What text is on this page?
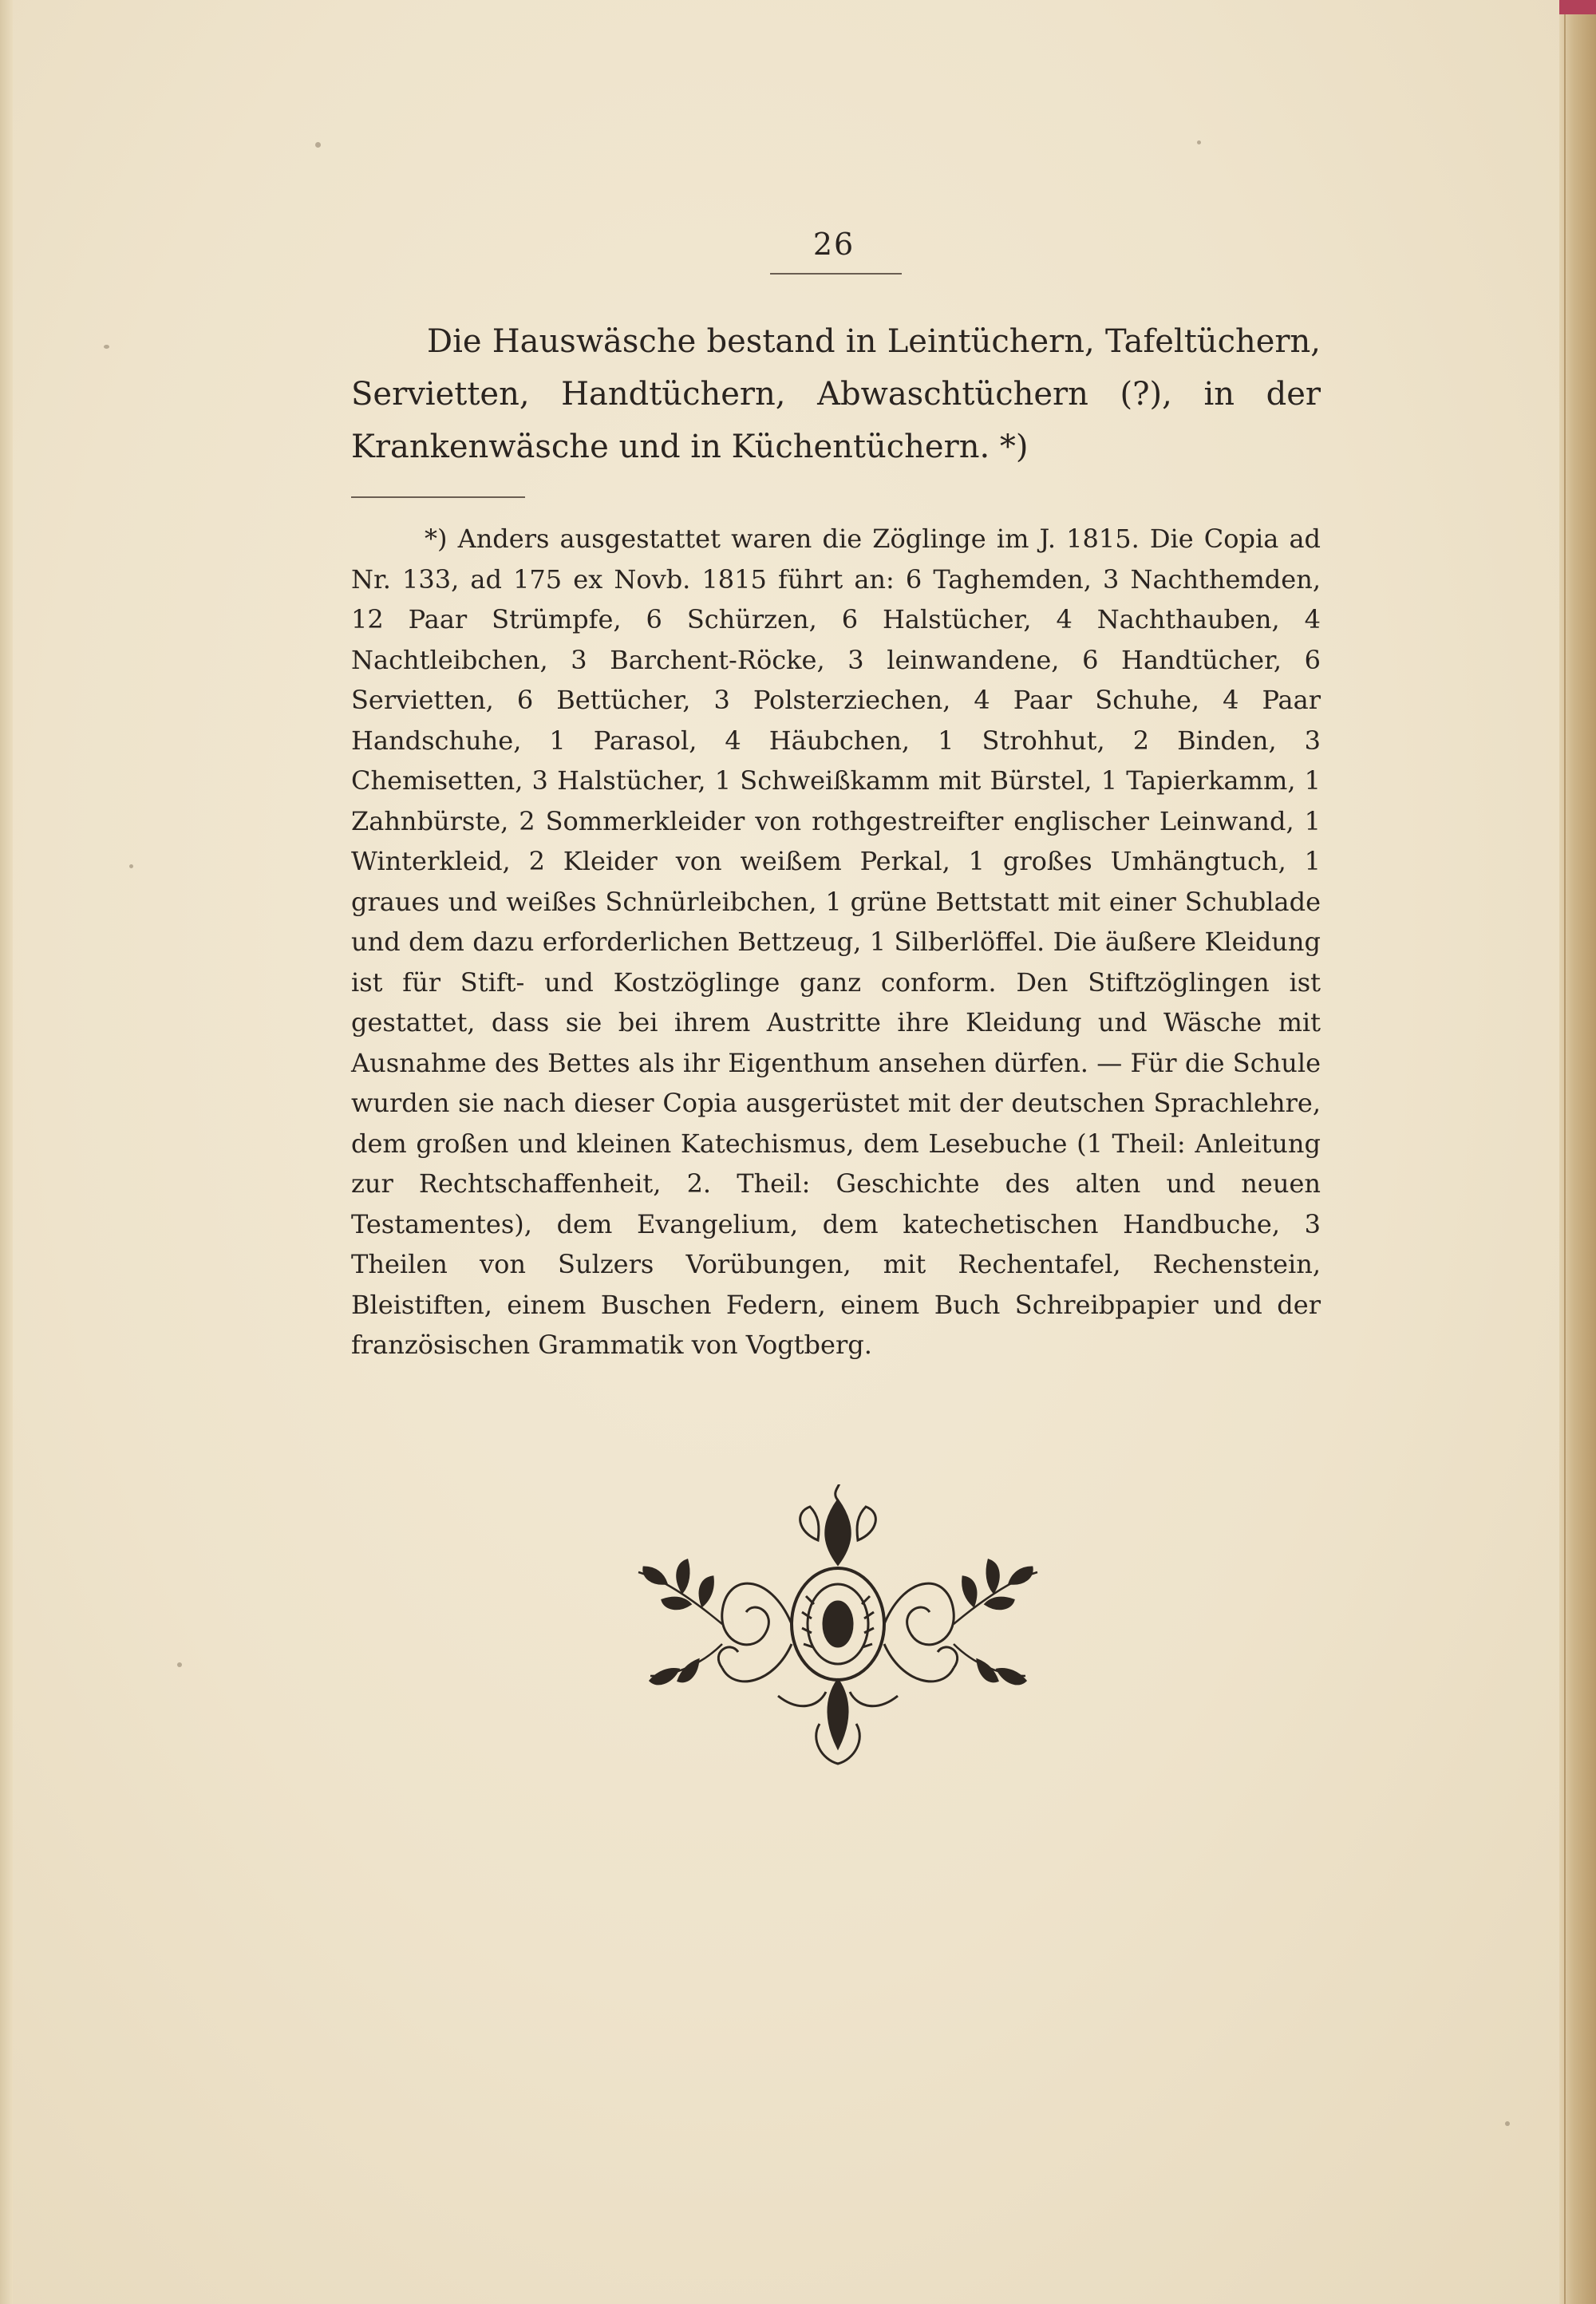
26

Die Hauswäsche bestand in Leintüchern, Tafeltüchern, Servietten, Handtüchern, Abwaschtüchern (?), in der Krankenwäsche und in Küchentüchern. *)

*) Anders ausgestattet waren die Zöglinge im J. 1815. Die Copia ad Nr. 133, ad 175 ex Novb. 1815 führt an: 6 Taghemden, 3 Nachthemden, 12 Paar Strümpfe, 6 Schürzen, 6 Halstücher, 4 Nachthauben, 4 Nachtleibchen, 3 Barchent-Röcke, 3 leinwandene, 6 Handtücher, 6 Servietten, 6 Bettücher, 3 Polsterziechen, 4 Paar Schuhe, 4 Paar Handschuhe, 1 Parasol, 4 Häubchen, 1 Strohhut, 2 Binden, 3 Chemisetten, 3 Halstücher, 1 Schweißkamm mit Bürstel, 1 Tapierkamm, 1 Zahnbürste, 2 Sommerkleider von rothgestreifter englischer Leinwand, 1 Winterkleid, 2 Kleider von weißem Perkal, 1 großes Umhängtuch, 1 graues und weißes Schnürleibchen, 1 grüne Bettstatt mit einer Schublade und dem dazu erforderlichen Bettzeug, 1 Silberlöffel. Die äußere Kleidung ist für Stift- und Kostzöglinge ganz conform. Den Stiftzöglingen ist gestattet, dass sie bei ihrem Austritte ihre Kleidung und Wäsche mit Ausnahme des Bettes als ihr Eigenthum ansehen dürfen. — Für die Schule wurden sie nach dieser Copia ausgerüstet mit der deutschen Sprachlehre, dem großen und kleinen Katechismus, dem Lesebuche (1 Theil: Anleitung zur Rechtschaffenheit, 2. Theil: Geschichte des alten und neuen Testamentes), dem Evangelium, dem katechetischen Handbuche, 3 Theilen von Sulzers Vorübungen, mit Rechentafel, Rechenstein, Bleistiften, einem Buschen Federn, einem Buch Schreibpapier und der französischen Grammatik von Vogtberg.
